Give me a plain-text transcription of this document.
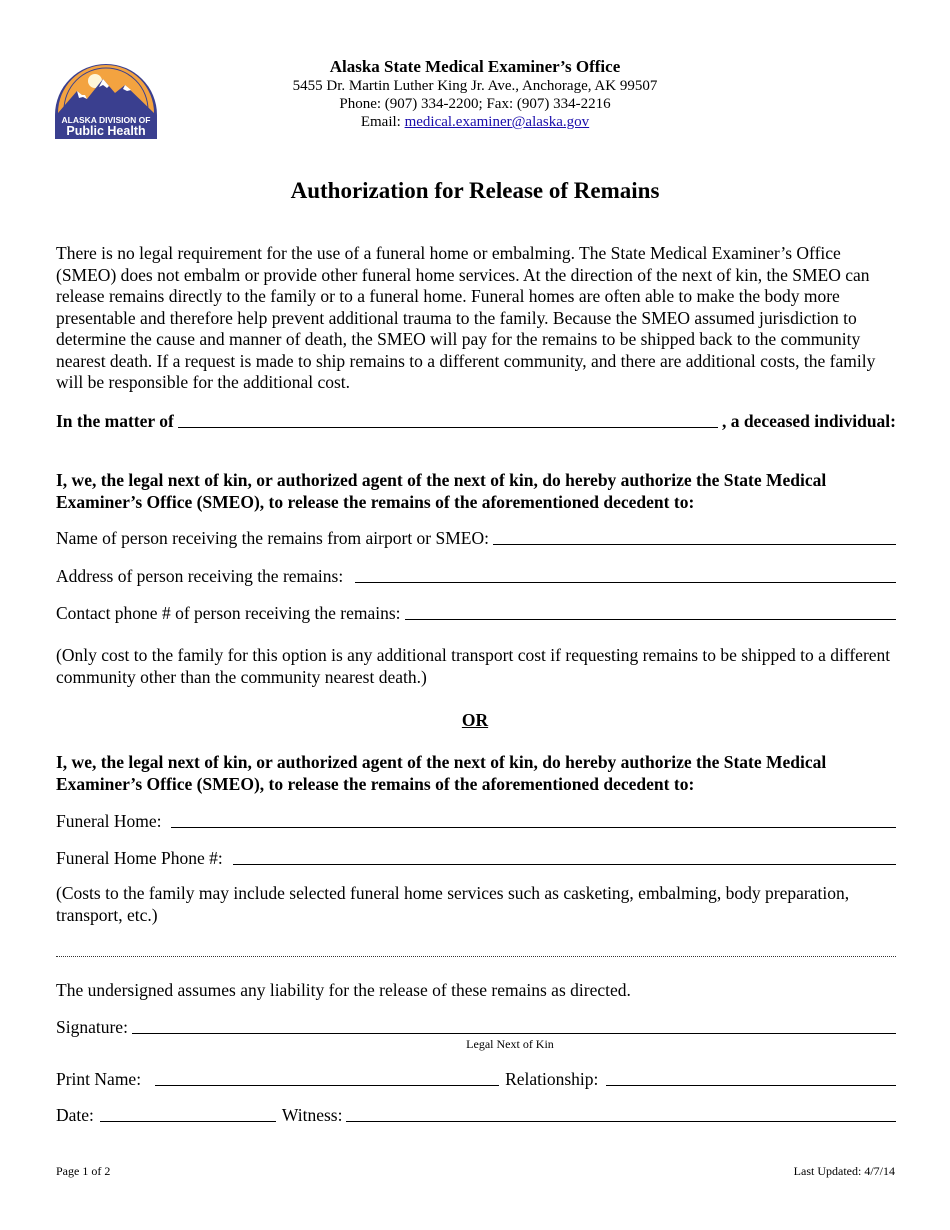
ALASKA DIVISION OF
Public Health
Alaska State Medical Examiner’s Office
5455 Dr. Martin Luther King Jr. Ave., Anchorage, AK 99507
Phone: (907) 334-2200; Fax: (907) 334-2216
Email: medical.examiner@alaska.gov
Authorization for Release of Remains
There is no legal requirement for the use of a funeral home or embalming. The State Medical Examiner’s Office (SMEO) does not embalm or provide other funeral home services. At the direction of the next of kin, the SMEO can release remains directly to the family or to a funeral home. Funeral homes are often able to make the body more presentable and therefore help prevent additional trauma to the family. Because the SMEO assumed jurisdiction to determine the cause and manner of death, the SMEO will pay for the remains to be shipped back to the community nearest death. If a request is made to ship remains to a different community, and there are additional costs, the family will be responsible for the additional cost.
In the matter of	, a deceased individual:
I, we, the legal next of kin, or authorized agent of the next of kin, do hereby authorize the State Medical Examiner’s Office (SMEO), to release the remains of the aforementioned decedent to:
Name of person receiving the remains from airport or SMEO:
Address of person receiving the remains:
Contact phone # of person receiving the remains:
(Only cost to the family for this option is any additional transport cost if requesting remains to be shipped to a different community other than the community nearest death.)
OR
I, we, the legal next of kin, or authorized agent of the next of kin, do hereby authorize the State Medical Examiner’s Office (SMEO), to release the remains of the aforementioned decedent to:
Funeral Home:
Funeral Home Phone #:
(Costs to the family may include selected funeral home services such as casketing, embalming, body preparation, transport, etc.)
The undersigned assumes any liability for the release of these remains as directed.
Signature:
Legal Next of Kin
Print Name:	Relationship:
Date:	Witness:
Page 1 of 2	Last Updated: 4/7/14
